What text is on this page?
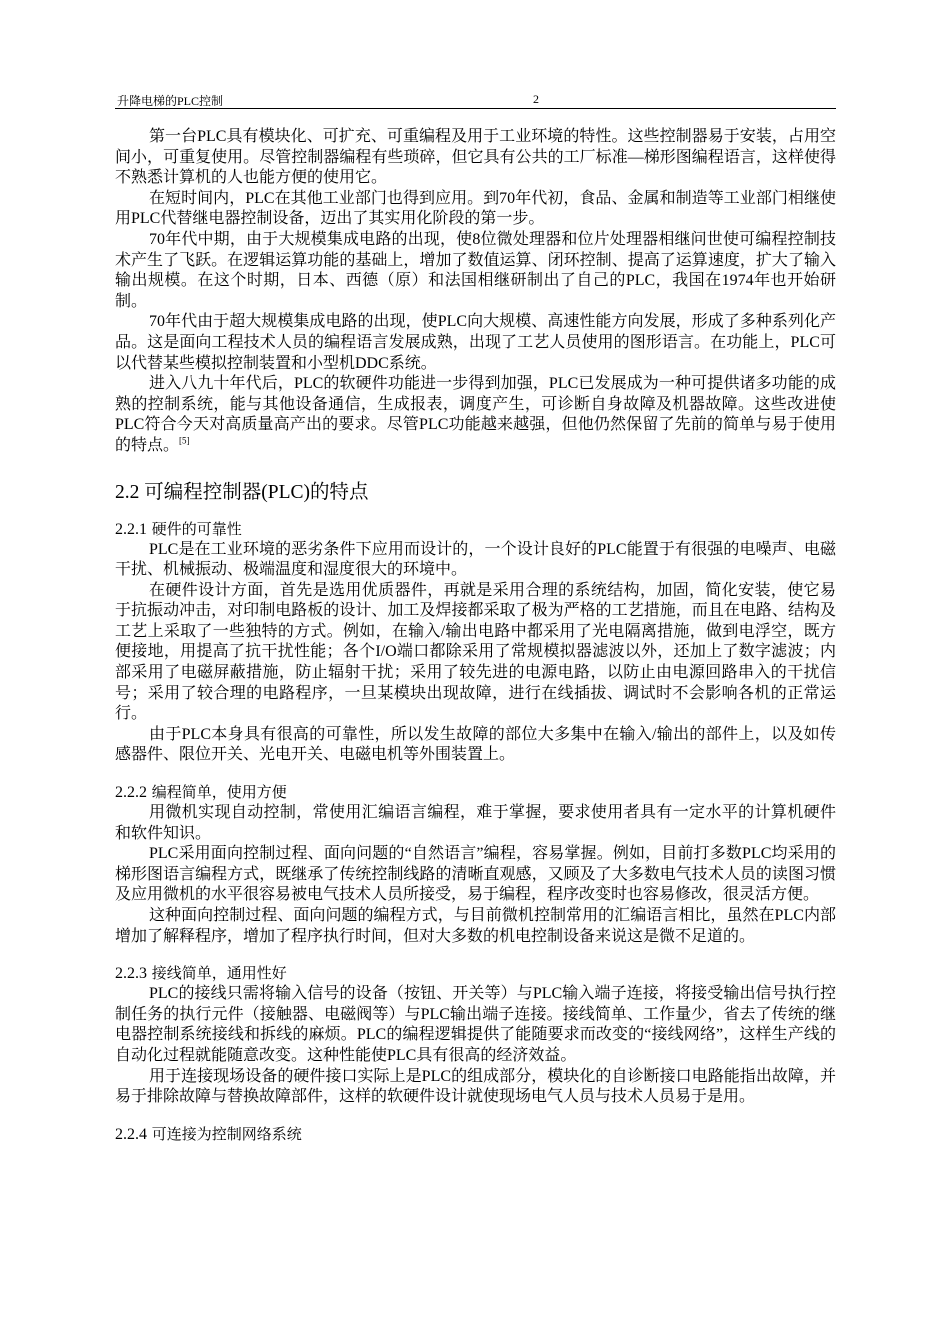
升降电梯的PLC控制	2

第一台PLC具有模块化、可扩充、可重编程及用于工业环境的特性。这些控制器易于安装，占用空间小，可重复使用。尽管控制器编程有些琐碎，但它具有公共的工厂标准—梯形图编程语言，这样使得不熟悉计算机的人也能方便的使用它。

在短时间内，PLC在其他工业部门也得到应用。到70年代初，食品、金属和制造等工业部门相继使用PLC代替继电器控制设备，迈出了其实用化阶段的第一步。

70年代中期，由于大规模集成电路的出现，使8位微处理器和位片处理器相继问世使可编程控制技术产生了飞跃。在逻辑运算功能的基础上，增加了数值运算、闭环控制、提高了运算速度，扩大了输入输出规模。在这个时期，日本、西德（原）和法国相继研制出了自己的PLC，我国在1974年也开始研制。

70年代由于超大规模集成电路的出现，使PLC向大规模、高速性能方向发展，形成了多种系列化产品。这是面向工程技术人员的编程语言发展成熟，出现了工艺人员使用的图形语言。在功能上，PLC可以代替某些模拟控制装置和小型机DDC系统。

进入八九十年代后，PLC的软硬件功能进一步得到加强，PLC已发展成为一种可提供诸多功能的成熟的控制系统，能与其他设备通信，生成报表，调度产生，可诊断自身故障及机器故障。这些改进使PLC符合今天对高质量高产出的要求。尽管PLC功能越来越强，但他仍然保留了先前的简单与易于使用的特点。[5]

2.2 可编程控制器(PLC)的特点
2.2.1 硬件的可靠性

PLC是在工业环境的恶劣条件下应用而设计的，一个设计良好的PLC能置于有很强的电噪声、电磁干扰、机械振动、极端温度和湿度很大的环境中。

在硬件设计方面，首先是选用优质器件，再就是采用合理的系统结构，加固，简化安装，使它易于抗振动冲击，对印制电路板的设计、加工及焊接都采取了极为严格的工艺措施，而且在电路、结构及工艺上采取了一些独特的方式。例如，在输入/输出电路中都采用了光电隔离措施，做到电浮空，既方便接地，用提高了抗干扰性能；各个I/O端口都除采用了常规模拟器滤波以外，还加上了数字滤波；内部采用了电磁屏蔽措施，防止辐射干扰；采用了较先进的电源电路，以防止由电源回路串入的干扰信号；采用了较合理的电路程序，一旦某模块出现故障，进行在线插拔、调试时不会影响各机的正常运行。

由于PLC本身具有很高的可靠性，所以发生故障的部位大多集中在输入/输出的部件上，以及如传感器件、限位开关、光电开关、电磁电机等外围装置上。

2.2.2 编程简单，使用方便

用微机实现自动控制，常使用汇编语言编程，难于掌握，要求使用者具有一定水平的计算机硬件和软件知识。

PLC采用面向控制过程、面向问题的“自然语言”编程，容易掌握。例如，目前打多数PLC均采用的梯形图语言编程方式，既继承了传统控制线路的清晰直观感，又顾及了大多数电气技术人员的读图习惯及应用微机的水平很容易被电气技术人员所接受，易于编程，程序改变时也容易修改，很灵活方便。

这种面向控制过程、面向问题的编程方式，与目前微机控制常用的汇编语言相比，虽然在PLC内部增加了解释程序，增加了程序执行时间，但对大多数的机电控制设备来说这是微不足道的。

2.2.3 接线简单，通用性好

PLC的接线只需将输入信号的设备（按钮、开关等）与PLC输入端子连接，将接受输出信号执行控制任务的执行元件（接触器、电磁阀等）与PLC输出端子连接。接线简单、工作量少，省去了传统的继电器控制系统接线和拆线的麻烦。PLC的编程逻辑提供了能随要求而改变的“接线网络”，这样生产线的自动化过程就能随意改变。这种性能使PLC具有很高的经济效益。

用于连接现场设备的硬件接口实际上是PLC的组成部分，模块化的自诊断接口电路能指出故障，并易于排除故障与替换故障部件，这样的软硬件设计就使现场电气人员与技术人员易于是用。

2.2.4 可连接为控制网络系统
